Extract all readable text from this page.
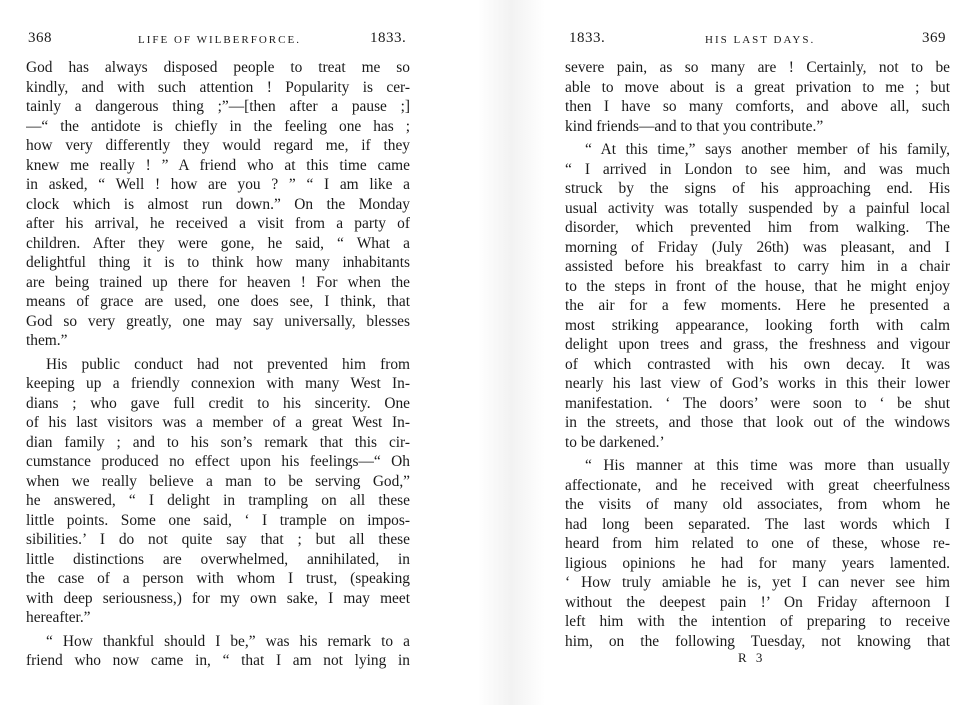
368	LIFE OF WILBERFORCE.	1833.
God has always disposed people to treat me so
kindly, and with such attention ! Popularity is cer-
tainly a dangerous thing ;”—[then after a pause ;]
—“ the antidote is chiefly in the feeling one has ;
how very differently they would regard me, if they
knew me really ! ” A friend who at this time came
in asked, “ Well ! how are you ? ” “ I am like a
clock which is almost run down.” On the Monday
after his arrival, he received a visit from a party of
children. After they were gone, he said, “ What a
delightful thing it is to think how many inhabitants
are being trained up there for heaven ! For when the
means of grace are used, one does see, I think, that
God so very greatly, one may say universally, blesses
them.”
His public conduct had not prevented him from
keeping up a friendly connexion with many West In-
dians ; who gave full credit to his sincerity. One
of his last visitors was a member of a great West In-
dian family ; and to his son’s remark that this cir-
cumstance produced no effect upon his feelings—“ Oh
when we really believe a man to be serving God,”
he answered, “ I delight in trampling on all these
little points. Some one said, ‘ I trample on impos-
sibilities.’ I do not quite say that ; but all these
little distinctions are overwhelmed, annihilated, in
the case of a person with whom I trust, (speaking
with deep seriousness,) for my own sake, I may meet
hereafter.”
“ How thankful should I be,” was his remark to a
friend who now came in, “ that I am not lying in
1833.	HIS LAST DAYS.	369
severe pain, as so many are ! Certainly, not to be
able to move about is a great privation to me ; but
then I have so many comforts, and above all, such
kind friends—and to that you contribute.”
“ At this time,” says another member of his family,
“ I arrived in London to see him, and was much
struck by the signs of his approaching end. His
usual activity was totally suspended by a painful local
disorder, which prevented him from walking. The
morning of Friday (July 26th) was pleasant, and I
assisted before his breakfast to carry him in a chair
to the steps in front of the house, that he might enjoy
the air for a few moments. Here he presented a
most striking appearance, looking forth with calm
delight upon trees and grass, the freshness and vigour
of which contrasted with his own decay. It was
nearly his last view of God’s works in this their lower
manifestation. ‘ The doors’ were soon to ‘ be shut
in the streets, and those that look out of the windows
to be darkened.’
“ His manner at this time was more than usually
affectionate, and he received with great cheerfulness
the visits of many old associates, from whom he
had long been separated. The last words which I
heard from him related to one of these, whose re-
ligious opinions he had for many years lamented.
‘ How truly amiable he is, yet I can never see him
without the deepest pain !’ On Friday afternoon I
left him with the intention of preparing to receive
him, on the following Tuesday, not knowing that
R 3
